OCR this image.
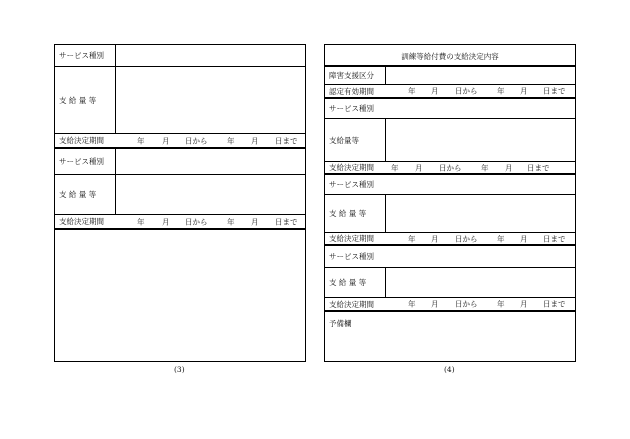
サービス種別
支 給 量 等
支給決定期間	年 月 日から	年 月 日まで
サービス種別
支 給 量 等
支給決定期間	年 月 日から	年 月 日まで
(3)
訓練等給付費の支給決定内容
障害支援区分
認定有効期間	年 月 日から	年 月 日まで
サービス種別
支給量等
支給決定期間	年 月 日から	年 月 日まで
サービス種別
支 給 量 等
支給決定期間	年 月 日から	年 月 日まで
サービス種別
支 給 量 等
支給決定期間	年 月 日から	年 月 日まで
予備欄
(4)
